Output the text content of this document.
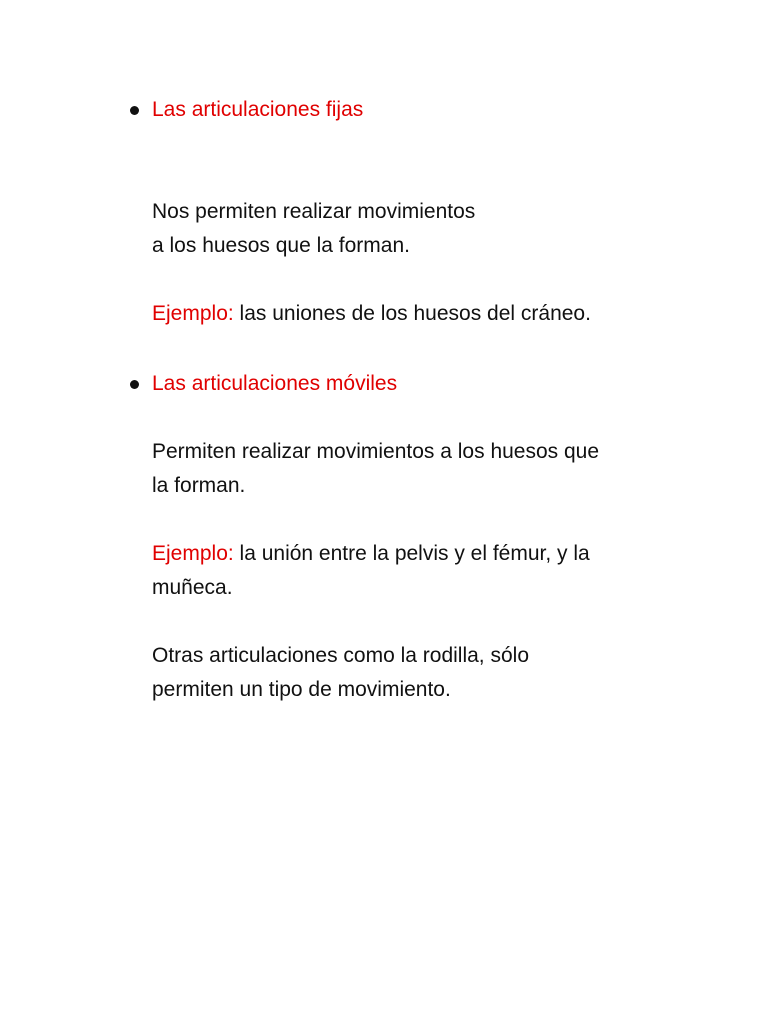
Las articulaciones fijas

Nos permiten realizar movimientos

a los huesos que la forman.

Ejemplo: las uniones de los huesos del cráneo.

Las articulaciones móviles

Permiten realizar movimientos a los huesos que

la forman.

Ejemplo: la unión entre la pelvis y el fémur, y la

muñeca.

Otras articulaciones como la rodilla, sólo

permiten un tipo de movimiento.
